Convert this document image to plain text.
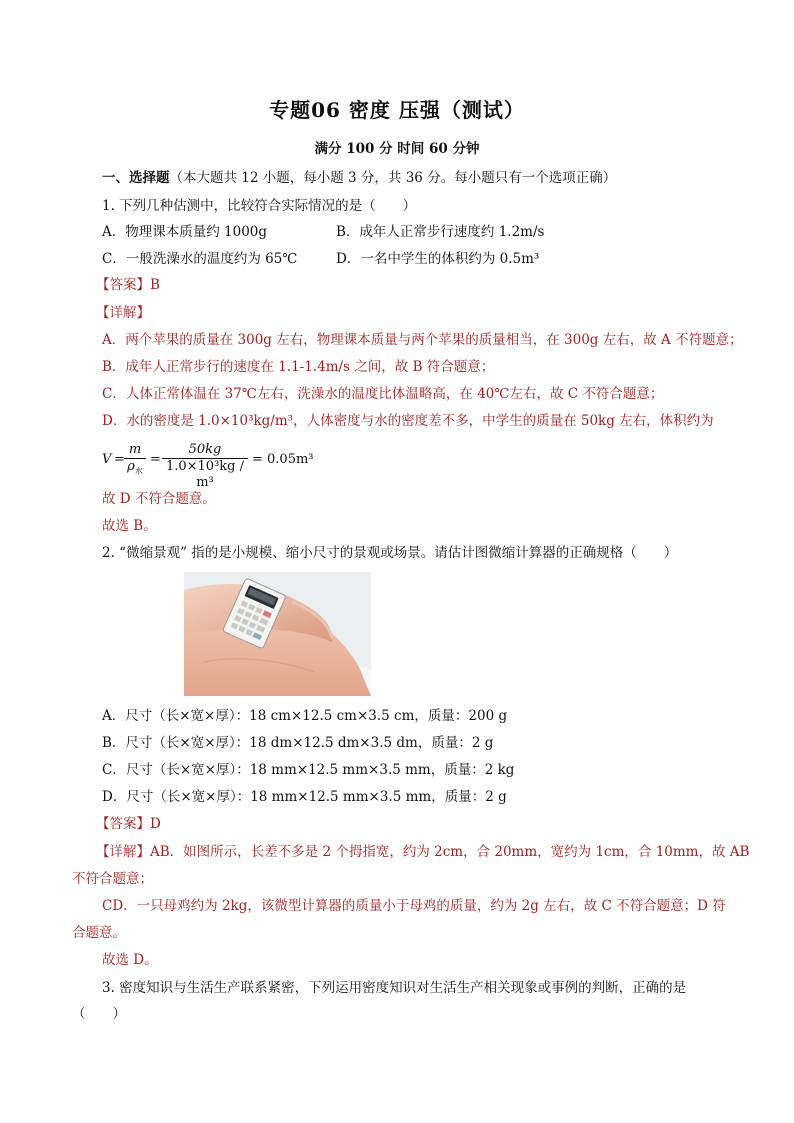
专题06 密度 压强（测试）
满分 100 分 时间 60 分钟
一、选择题（本大题共 12 小题，每小题 3 分，共 36 分。每小题只有一个选项正确）
1. 下列几种估测中，比较符合实际情况的是（　　）
A．物理课本质量约 1000g	B．成年人正常步行速度约 1.2m/s
C．一般洗澡水的温度约为 65℃	D．一名中学生的体积约为 0.5m³
【答案】B
【详解】
A．两个苹果的质量在 300g 左右，物理课本质量与两个苹果的质量相当，在 300g 左右，故 A 不符题意；
B．成年人正常步行的速度在 1.1-1.4m/s 之间，故 B 符合题意；
C．人体正常体温在 37℃左右，洗澡水的温度比体温略高，在 40℃左右，故 C 不符合题意；
D．水的密度是 1.0×10³kg/m³，人体密度与水的密度差不多，中学生的质量在 50kg 左右，体积约为
V =
m
$\rho_水$
= $\frac{50kg}{\text{1.0×10³kg / m³}} = 0.05m^3$
故 D 不符合题意。
故选 B。
2. “微缩景观” 指的是小规模、缩小尺寸的景观或场景。请估计图微缩计算器的正确规格（　　）
A．尺寸（长×宽×厚）：18 cm×12.5 cm×3.5 cm，质量：200 g
B．尺寸（长×宽×厚）：18 dm×12.5 dm×3.5 dm，质量：2 g
C．尺寸（长×宽×厚）：18 mm×12.5 mm×3.5 mm，质量：2 kg
D．尺寸（长×宽×厚）：18 mm×12.5 mm×3.5 mm，质量：2 g
【答案】D
【详解】AB．如图所示，长差不多是 2 个拇指宽，约为 2cm，合 20mm，宽约为 1cm，合 10mm，故 AB
不符合题意；
CD．一只母鸡约为 2kg，该微型计算器的质量小于母鸡的质量，约为 2g 左右，故 C 不符合题意；D 符
合题意。
故选 D。
3. 密度知识与生活生产联系紧密，下列运用密度知识对生活生产相关现象或事例的判断，正确的是
（　　）
